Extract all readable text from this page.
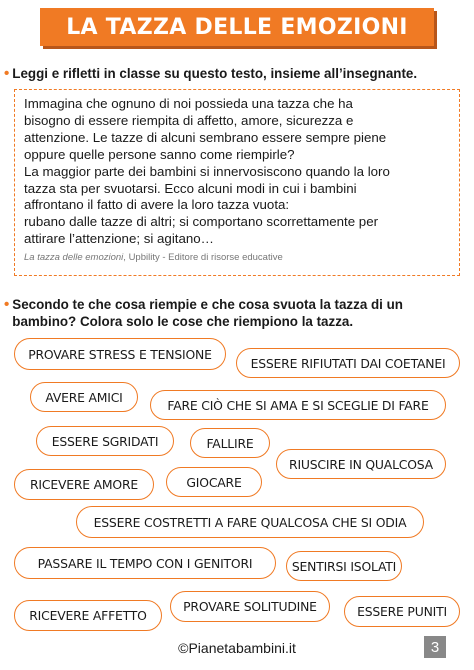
LA TAZZA DELLE EMOZIONI
• Leggi e rifletti in classe su questo testo, insieme all’insegnante.

Immagina che ognuno di noi possieda una tazza che ha

bisogno di essere riempita di affetto, amore, sicurezza e

attenzione. Le tazze di alcuni sembrano essere sempre piene

oppure quelle persone sanno come riempirle?

La maggior parte dei bambini si innervosiscono quando la loro

tazza sta per svuotarsi. Ecco alcuni modi in cui i bambini

affrontano il fatto di avere la loro tazza vuota:

rubano dalle tazze di altri; si comportano scorrettamente per

attirare l’attenzione; si agitano…

La tazza delle emozioni, Upbility - Editore di risorse educative
• Secondo te che cosa riempie e che cosa svuota la tazza di un
bambino? Colora solo le cose che riempiono la tazza.
PROVARE STRESS E TENSIONE
ESSERE RIFIUTATI DAI COETANEI
AVERE AMICI
FARE CIÒ CHE SI AMA E SI SCEGLIE DI FARE
ESSERE SGRIDATI	FALLIRE
RIUSCIRE IN QUALCOSA
RICEVERE AMORE	GIOCARE
ESSERE COSTRETTI A FARE QUALCOSA CHE SI ODIA
PASSARE IL TEMPO CON I GENITORI	SENTIRSI ISOLATI
RICEVERE AFFETTO
PROVARE SOLITUDINE	ESSERE PUNITI
©Pianetabambini.it	3
